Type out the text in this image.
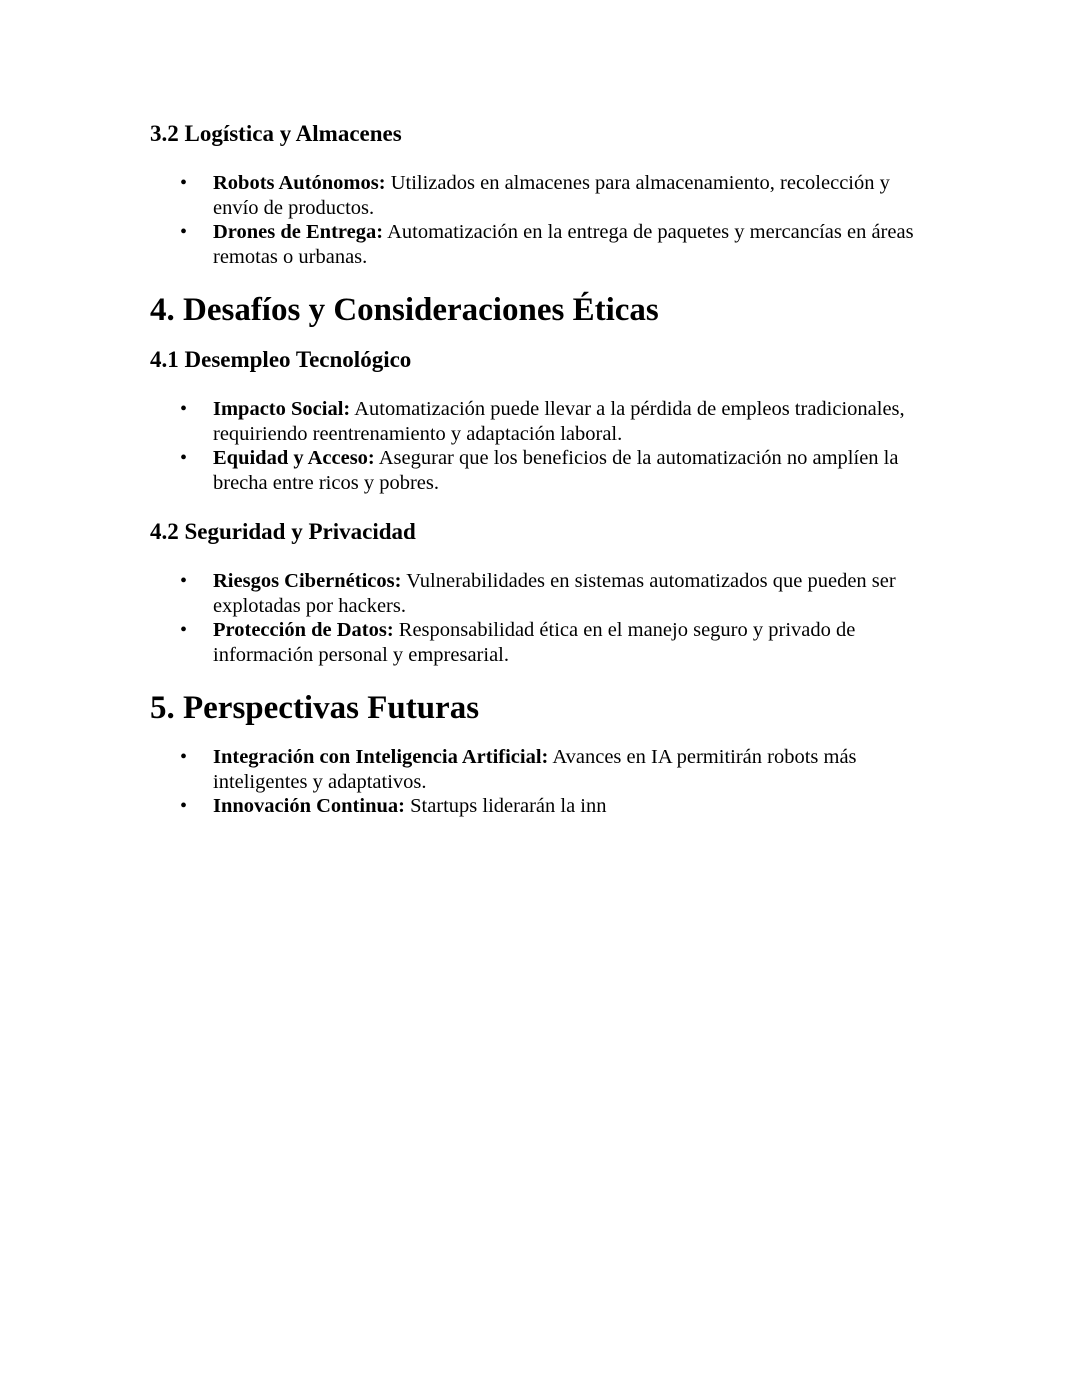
3.2 Logística y Almacenes
• Robots Autónomos: Utilizados en almacenes para almacenamiento, recolección y envío de productos.
• Drones de Entrega: Automatización en la entrega de paquetes y mercancías en áreas remotas o urbanas.
4. Desafíos y Consideraciones Éticas
4.1 Desempleo Tecnológico
• Impacto Social: Automatización puede llevar a la pérdida de empleos tradicionales, requiriendo reentrenamiento y adaptación laboral.
• Equidad y Acceso: Asegurar que los beneficios de la automatización no amplíen la brecha entre ricos y pobres.
4.2 Seguridad y Privacidad
• Riesgos Cibernéticos: Vulnerabilidades en sistemas automatizados que pueden ser explotadas por hackers.
• Protección de Datos: Responsabilidad ética en el manejo seguro y privado de información personal y empresarial.
5. Perspectivas Futuras
• Integración con Inteligencia Artificial: Avances en IA permitirán robots más inteligentes y adaptativos.
• Innovación Continua: Startups liderarán la inn
